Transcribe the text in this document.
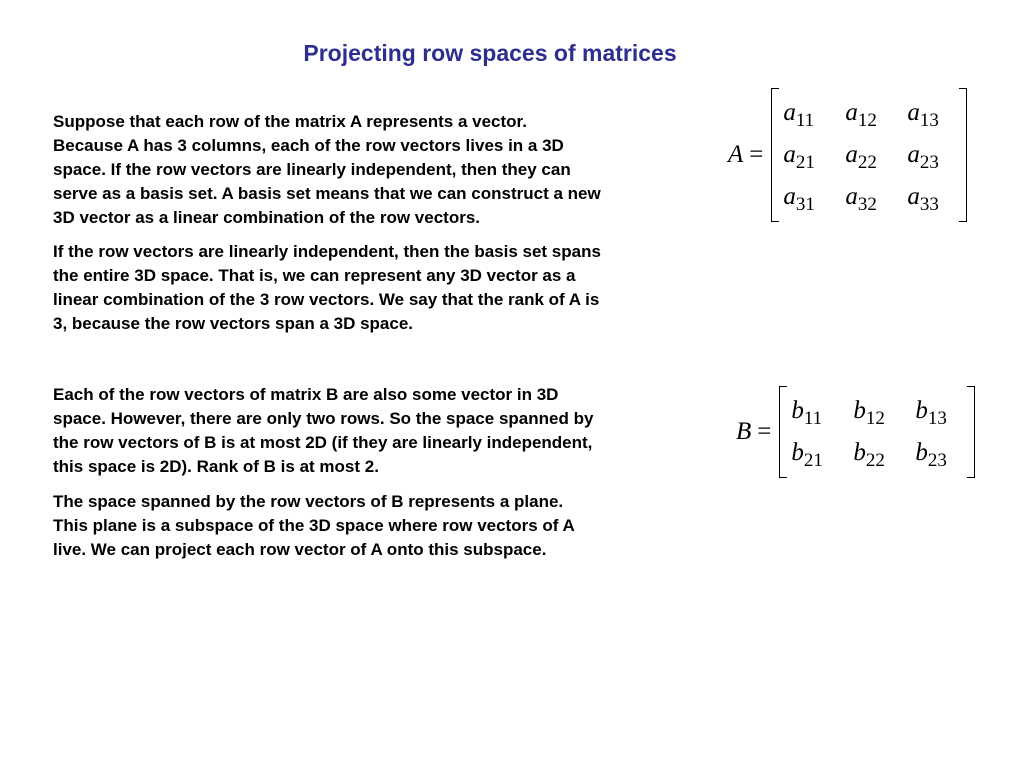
Projecting row spaces of matrices

Suppose that each row of the matrix A represents a vector.
Because A has 3 columns, each of the row vectors lives in a 3D
space. If the row vectors are linearly independent, then they can
serve as a basis set. A basis set means that we can construct a new
3D vector as a linear combination of the row vectors.

If the row vectors are linearly independent, then the basis set spans
the entire 3D space. That is, we can represent any 3D vector as a
linear combination of the 3 row vectors. We say that the rank of A is
3, because the row vectors span a 3D space.

Each of the row vectors of matrix B are also some vector in 3D
space. However, there are only two rows. So the space spanned by
the row vectors of B is at most 2D (if they are linearly independent,
this space is 2D). Rank of B is at most 2.

The space spanned by the row vectors of B represents a plane.
This plane is a subspace of the 3D space where row vectors of A
live. We can project each row vector of A onto this subspace.

A =
$a_{11}$	$a_{12}$	$a_{13}$
$a_{21}$	$a_{22}$	$a_{23}$
$a_{31}$	$a_{32}$	$a_{33}$
B =
$b_{11}$	$b_{12}$	$b_{13}$
$b_{21}$	$b_{22}$	$b_{23}$
